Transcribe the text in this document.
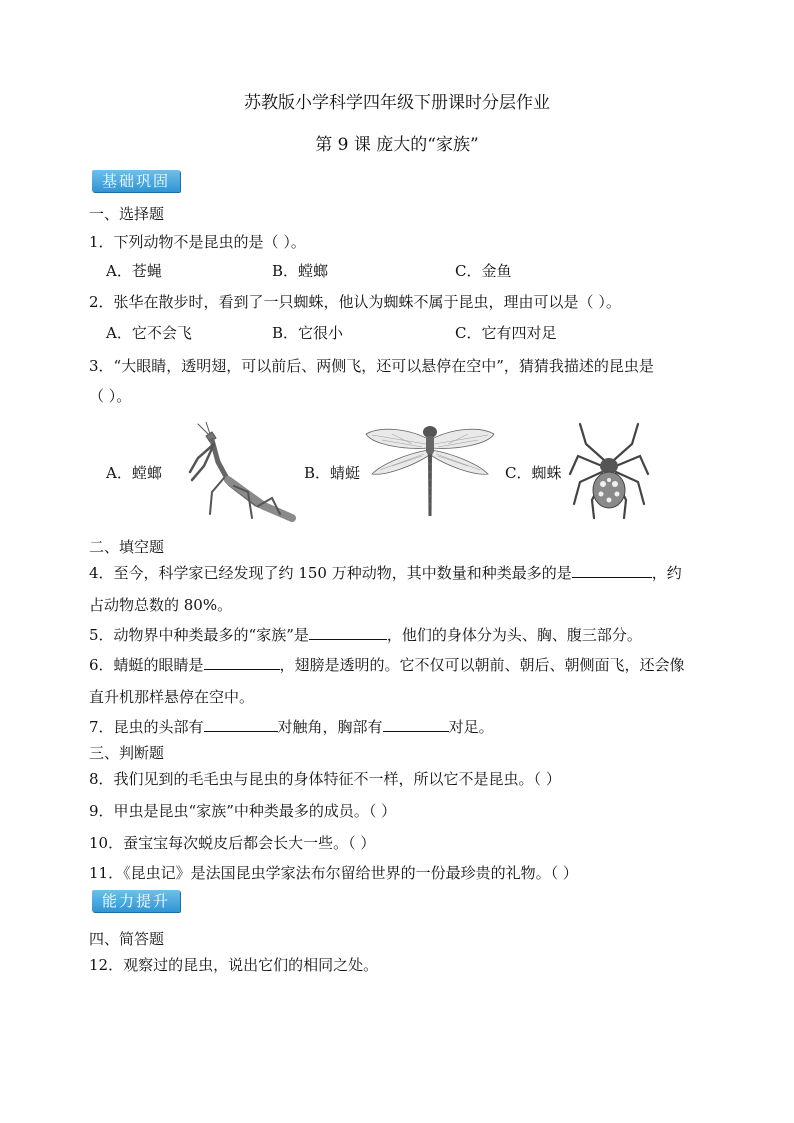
苏教版小学科学四年级下册课时分层作业
第 9 课 庞大的“家族”
基础巩固
一、选择题
1．下列动物不是昆虫的是（ ）。
A．苍蝇	B．螳螂	C．金鱼
2．张华在散步时，看到了一只蜘蛛，他认为蜘蛛不属于昆虫，理由可以是（ ）。
A．它不会飞	B．它很小	C．它有四对足
3．“大眼睛，透明翅，可以前后、两侧飞，还可以悬停在空中”，猜猜我描述的昆虫是
（ ）。
A．螳螂	B．蜻蜓	C．蜘蛛
二、填空题
4．至今，科学家已经发现了约 150 万种动物，其中数量和种类最多的是	，约
占动物总数的 80%。
5．动物界中种类最多的“家族”是	，他们的身体分为头、胸、腹三部分。
6．蜻蜓的眼睛是	，翅膀是透明的。它不仅可以朝前、朝后、朝侧面飞，还会像
直升机那样悬停在空中。
7．昆虫的头部有	对触角，胸部有	对足。
三、判断题
8．我们见到的毛毛虫与昆虫的身体特征不一样，所以它不是昆虫。（ ）
9．甲虫是昆虫“家族”中种类最多的成员。（ ）
10．蚕宝宝每次蜕皮后都会长大一些。（ ）
11．《昆虫记》是法国昆虫学家法布尔留给世界的一份最珍贵的礼物。（ ）
能力提升
四、简答题
12．观察过的昆虫，说出它们的相同之处。
